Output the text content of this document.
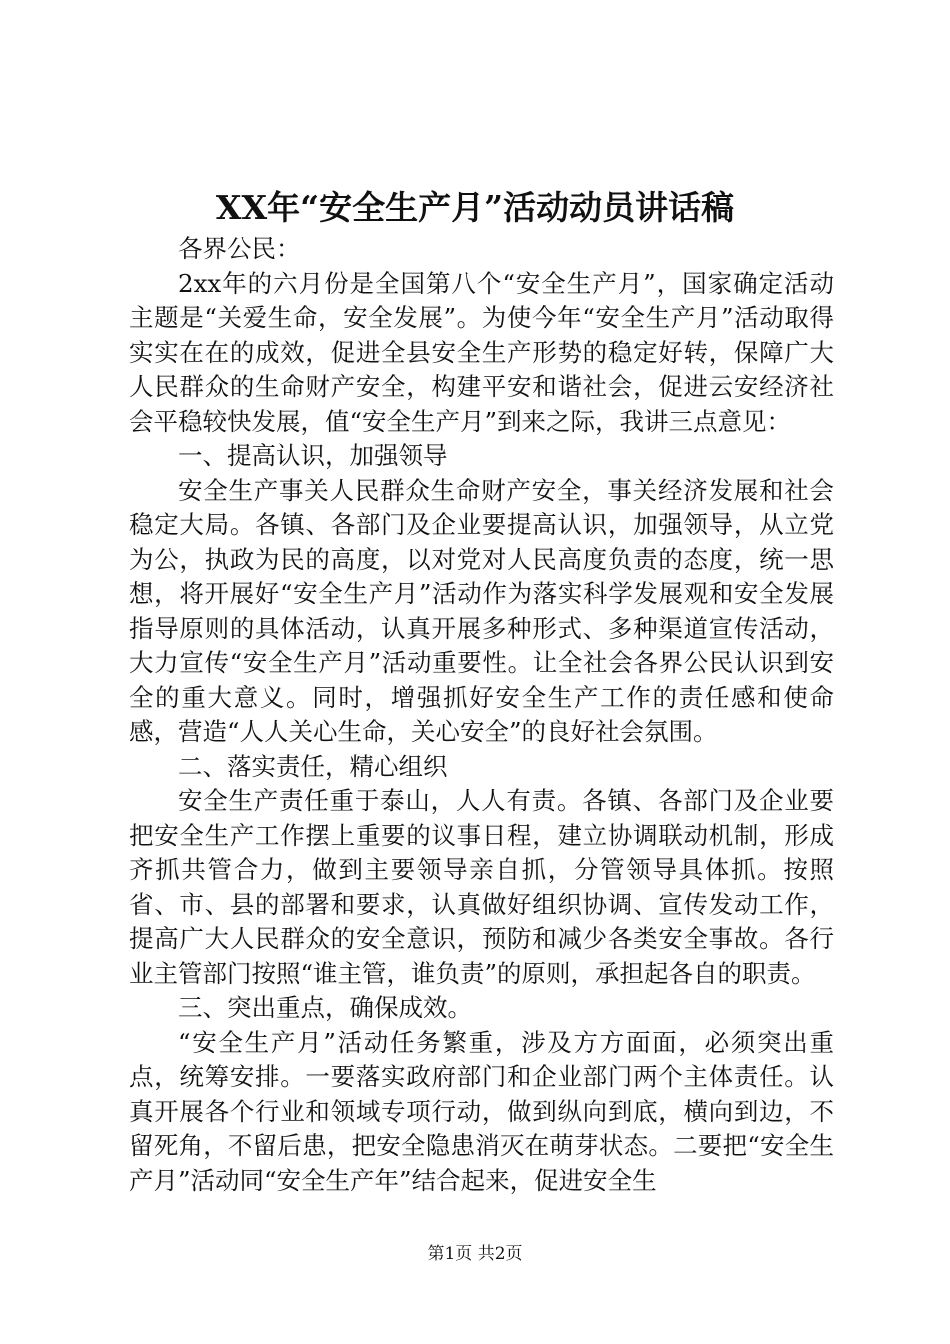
XX年“安全生产月”活动动员讲话稿

各界公民：

2xx年的六月份是全国第八个“安全生产月”，国家确定活动主题是“关爱生命，安全发展”。为使今年“安全生产月”活动取得实实在在的成效，促进全县安全生产形势的稳定好转，保障广大人民群众的生命财产安全，构建平安和谐社会，促进云安经济社会平稳较快发展，值“安全生产月”到来之际，我讲三点意见：

一、提高认识，加强领导

安全生产事关人民群众生命财产安全，事关经济发展和社会稳定大局。各镇、各部门及企业要提高认识，加强领导，从立党为公，执政为民的高度，以对党对人民高度负责的态度，统一思想，将开展好“安全生产月”活动作为落实科学发展观和安全发展指导原则的具体活动，认真开展多种形式、多种渠道宣传活动，大力宣传“安全生产月”活动重要性。让全社会各界公民认识到安全的重大意义。同时，增强抓好安全生产工作的责任感和使命感，营造“人人关心生命，关心安全”的良好社会氛围。

二、落实责任，精心组织

安全生产责任重于泰山，人人有责。各镇、各部门及企业要把安全生产工作摆上重要的议事日程，建立协调联动机制，形成齐抓共管合力，做到主要领导亲自抓，分管领导具体抓。按照省、市、县的部署和要求，认真做好组织协调、宣传发动工作，提高广大人民群众的安全意识，预防和减少各类安全事故。各行业主管部门按照“谁主管，谁负责”的原则，承担起各自的职责。

三、突出重点，确保成效。

“安全生产月”活动任务繁重，涉及方方面面，必须突出重点，统筹安排。一要落实政府部门和企业部门两个主体责任。认真开展各个行业和领域专项行动，做到纵向到底，横向到边，不留死角，不留后患，把安全隐患消灭在萌芽状态。二要把“安全生产月”活动同“安全生产年”结合起来，促进安全生

第1页 共2页
